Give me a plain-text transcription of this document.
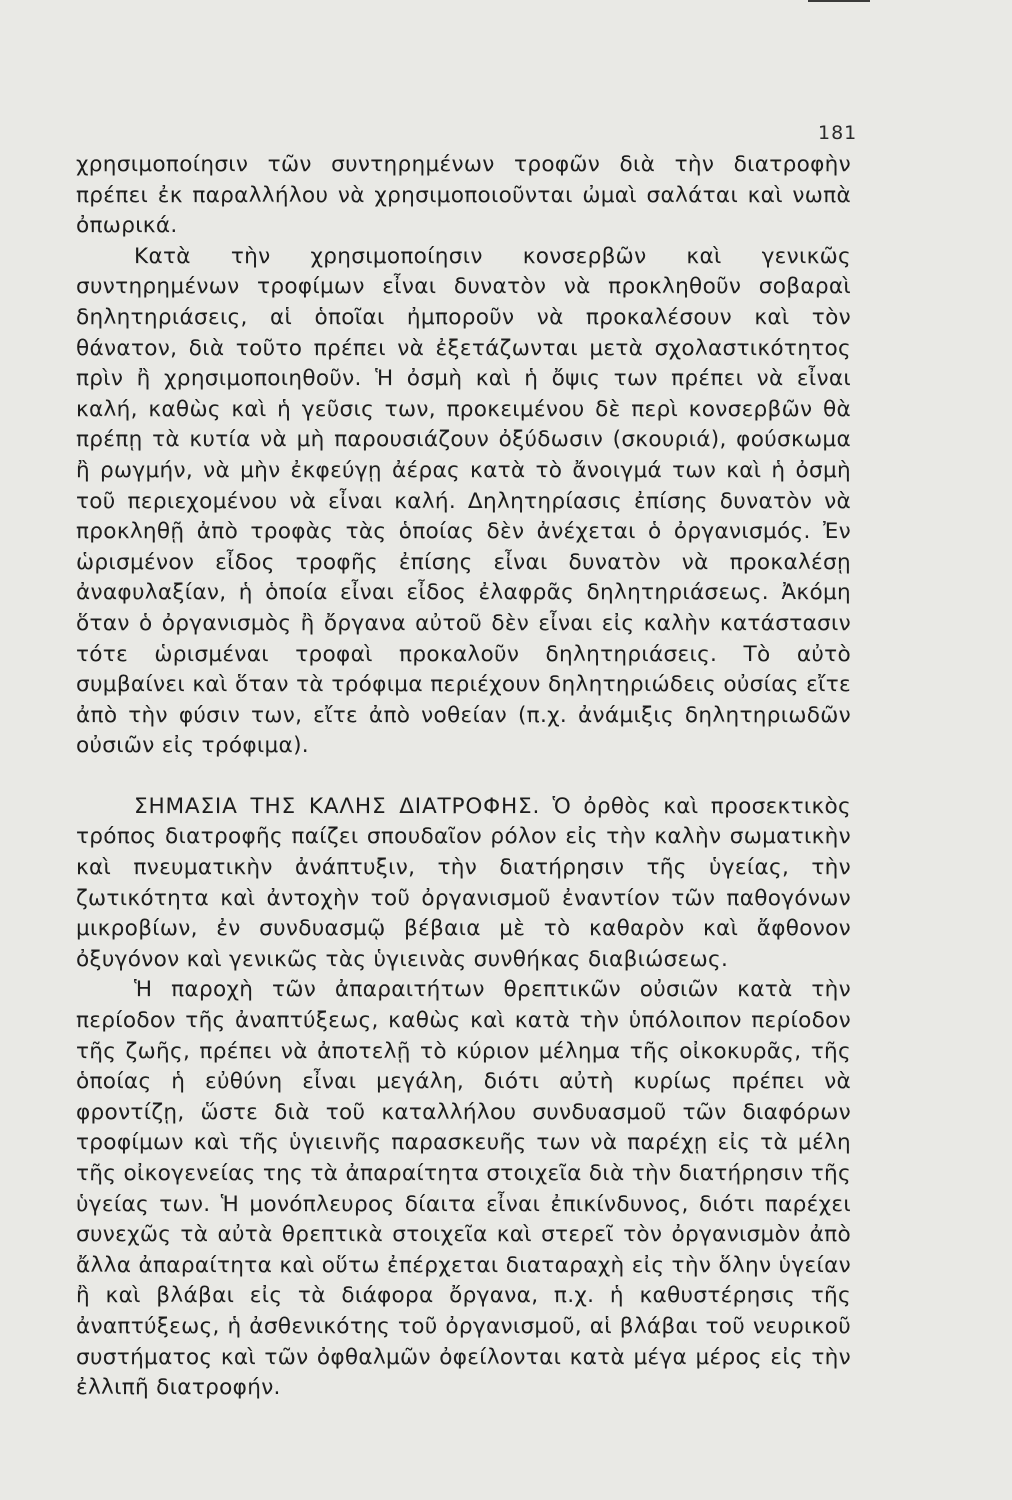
181

χρησιμοποίησιν τῶν συντηρημένων τροφῶν διὰ τὴν διατροφὴν πρέπει ἐκ παραλλήλου νὰ χρησιμοποιοῦνται ὠμαὶ σαλάται καὶ νωπὰ ὀπωρικά.

Κατὰ τὴν χρησιμοποίησιν κονσερβῶν καὶ γενικῶς συντηρημένων τροφίμων εἶναι δυνατὸν νὰ προκληθοῦν σοβαραὶ δηλητηριάσεις, αἱ ὁποῖαι ἠμποροῦν νὰ προκαλέσουν καὶ τὸν θάνατον, διὰ τοῦτο πρέπει νὰ ἐξετάζωνται μετὰ σχολαστικότητος πρὶν ἢ χρησιμοποιηθοῦν. Ἡ ὀσμὴ καὶ ἡ ὄψις των πρέπει νὰ εἶναι καλή, καθὼς καὶ ἡ γεῦσις των, προκειμένου δὲ περὶ κονσερβῶν θὰ πρέπῃ τὰ κυτία νὰ μὴ παρουσιάζουν ὀξύδωσιν (σκουριά), φούσκωμα ἢ ρωγμήν, νὰ μὴν ἐκφεύγῃ ἀέρας κατὰ τὸ ἄνοιγμά των καὶ ἡ ὀσμὴ τοῦ περιεχομένου νὰ εἶναι καλή. Δηλητηρίασις ἐπίσης δυνατὸν νὰ προκληθῇ ἀπὸ τροφὰς τὰς ὁποίας δὲν ἀνέχεται ὁ ὀργανισμός. Ἐν ὡρισμένον εἶδος τροφῆς ἐπίσης εἶναι δυνατὸν νὰ προκαλέσῃ ἀναφυλαξίαν, ἡ ὁποία εἶναι εἶδος ἐλαφρᾶς δηλητηριάσεως. Ἀκόμη ὅταν ὁ ὀργανισμὸς ἢ ὄργανα αὐτοῦ δὲν εἶναι εἰς καλὴν κατάστασιν τότε ὡρισμέναι τροφαὶ προκαλοῦν δηλητηριάσεις. Τὸ αὐτὸ συμβαίνει καὶ ὅταν τὰ τρόφιμα περιέχουν δηλητηριώδεις οὐσίας εἴτε ἀπὸ τὴν φύσιν των, εἴτε ἀπὸ νοθείαν (π.χ. ἀνάμιξις δηλητηριωδῶν οὐσιῶν εἰς τρόφιμα).

ΣΗΜΑΣΙΑ ΤΗΣ ΚΑΛΗΣ ΔΙΑΤΡΟΦΗΣ. Ὁ ὀρθὸς καὶ προσεκτικὸς τρόπος διατροφῆς παίζει σπουδαῖον ρόλον εἰς τὴν καλὴν σωματικὴν καὶ πνευματικὴν ἀνάπτυξιν, τὴν διατήρησιν τῆς ὑγείας, τὴν ζωτικότητα καὶ ἀντοχὴν τοῦ ὀργανισμοῦ ἐναντίον τῶν παθογόνων μικροβίων, ἐν συνδυασμῷ βέβαια μὲ τὸ καθαρὸν καὶ ἄφθονον ὀξυγόνον καὶ γενικῶς τὰς ὑγιεινὰς συνθήκας διαβιώσεως.

Ἡ παροχὴ τῶν ἀπαραιτήτων θρεπτικῶν οὐσιῶν κατὰ τὴν περίοδον τῆς ἀναπτύξεως, καθὼς καὶ κατὰ τὴν ὑπόλοιπον περίοδον τῆς ζωῆς, πρέπει νὰ ἀποτελῇ τὸ κύριον μέλημα τῆς οἰκοκυρᾶς, τῆς ὁποίας ἡ εὐθύνη εἶναι μεγάλη, διότι αὐτὴ κυρίως πρέπει νὰ φροντίζῃ, ὥστε διὰ τοῦ καταλλήλου συνδυασμοῦ τῶν διαφόρων τροφίμων καὶ τῆς ὑγιεινῆς παρασκευῆς των νὰ παρέχῃ εἰς τὰ μέλη τῆς οἰκογενείας της τὰ ἀπαραίτητα στοιχεῖα διὰ τὴν διατήρησιν τῆς ὑγείας των. Ἡ μονόπλευρος δίαιτα εἶναι ἐπικίνδυνος, διότι παρέχει συνεχῶς τὰ αὐτὰ θρεπτικὰ στοιχεῖα καὶ στερεῖ τὸν ὀργανισμὸν ἀπὸ ἄλλα ἀπαραίτητα καὶ οὕτω ἐπέρχεται διαταραχὴ εἰς τὴν ὅλην ὑγείαν ἢ καὶ βλάβαι εἰς τὰ διάφορα ὄργανα, π.χ. ἡ καθυστέρησις τῆς ἀναπτύξεως, ἡ ἀσθενικότης τοῦ ὀργανισμοῦ, αἱ βλάβαι τοῦ νευρικοῦ συστήματος καὶ τῶν ὀφθαλμῶν ὀφείλονται κατὰ μέγα μέρος εἰς τὴν ἐλλιπῆ διατροφήν.
